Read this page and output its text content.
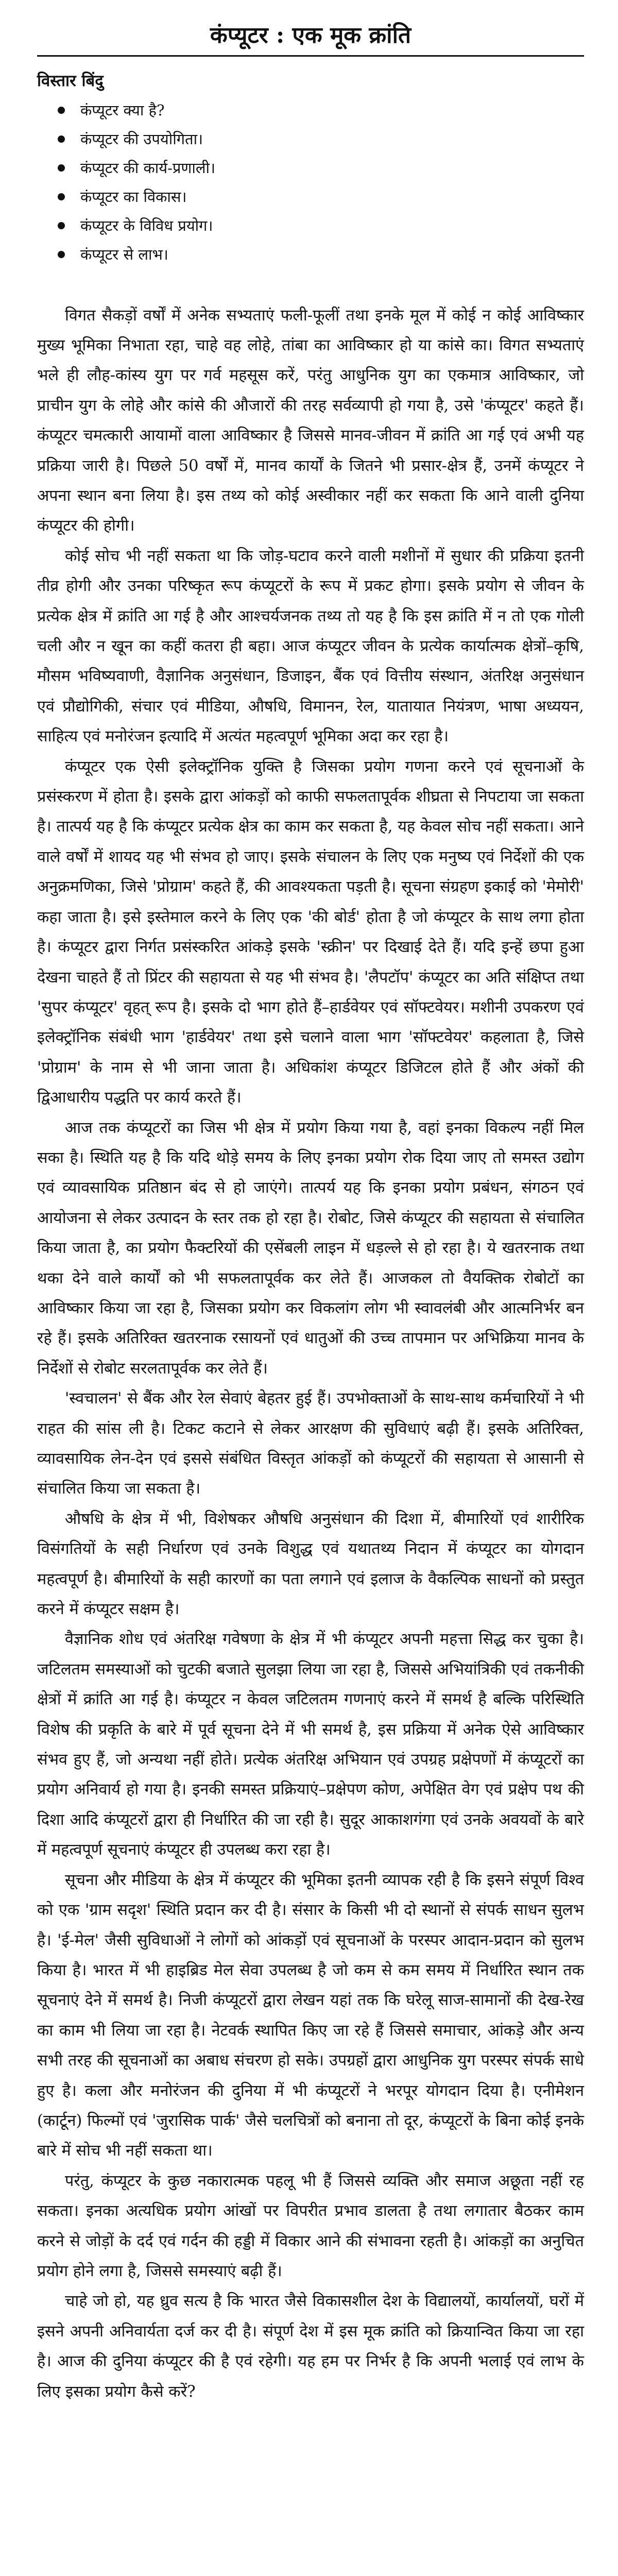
कंप्यूटर : एक मूक क्रांति
विस्तार बिंदु
कंप्यूटर क्या है?
कंप्यूटर की उपयोगिता।
कंप्यूटर की कार्य-प्रणाली।
कंप्यूटर का विकास।
कंप्यूटर के विविध प्रयोग।
कंप्यूटर से लाभ।

विगत सैकड़ों वर्षों में अनेक सभ्यताएं फली-फूलीं तथा इनके मूल में कोई न कोई आविष्कार मुख्य भूमिका निभाता रहा, चाहे वह लोहे, तांबा का आविष्कार हो या कांसे का। विगत सभ्यताएं भले ही लौह-कांस्य युग पर गर्व महसूस करें, परंतु आधुनिक युग का एकमात्र आविष्कार, जो प्राचीन युग के लोहे और कांसे की औजारों की तरह सर्वव्यापी हो गया है, उसे 'कंप्यूटर' कहते हैं। कंप्यूटर चमत्कारी आयामों वाला आविष्कार है जिससे मानव-जीवन में क्रांति आ गई एवं अभी यह प्रक्रिया जारी है। पिछले 50 वर्षों में, मानव कार्यों के जितने भी प्रसार-क्षेत्र हैं, उनमें कंप्यूटर ने अपना स्थान बना लिया है। इस तथ्य को कोई अस्वीकार नहीं कर सकता कि आने वाली दुनिया कंप्यूटर की होगी।

कोई सोच भी नहीं सकता था कि जोड़-घटाव करने वाली मशीनों में सुधार की प्रक्रिया इतनी तीव्र होगी और उनका परिष्कृत रूप कंप्यूटरों के रूप में प्रकट होगा। इसके प्रयोग से जीवन के प्रत्येक क्षेत्र में क्रांति आ गई है और आश्चर्यजनक तथ्य तो यह है कि इस क्रांति में न तो एक गोली चली और न खून का कहीं कतरा ही बहा। आज कंप्यूटर जीवन के प्रत्येक कार्यात्मक क्षेत्रों–कृषि, मौसम भविष्यवाणी, वैज्ञानिक अनुसंधान, डिजाइन, बैंक एवं वित्तीय संस्थान, अंतरिक्ष अनुसंधान एवं प्रौद्योगिकी, संचार एवं मीडिया, औषधि, विमानन, रेल, यातायात नियंत्रण, भाषा अध्ययन, साहित्य एवं मनोरंजन इत्यादि में अत्यंत महत्वपूर्ण भूमिका अदा कर रहा है।

कंप्यूटर एक ऐसी इलेक्ट्रॉनिक युक्ति है जिसका प्रयोग गणना करने एवं सूचनाओं के प्रसंस्करण में होता है। इसके द्वारा आंकड़ों को काफी सफलतापूर्वक शीघ्रता से निपटाया जा सकता है। तात्पर्य यह है कि कंप्यूटर प्रत्येक क्षेत्र का काम कर सकता है, यह केवल सोच नहीं सकता। आने वाले वर्षों में शायद यह भी संभव हो जाए। इसके संचालन के लिए एक मनुष्य एवं निर्देशों की एक अनुक्रमणिका, जिसे 'प्रोग्राम' कहते हैं, की आवश्यकता पड़ती है। सूचना संग्रहण इकाई को 'मेमोरी' कहा जाता है। इसे इस्तेमाल करने के लिए एक 'की बोर्ड' होता है जो कंप्यूटर के साथ लगा होता है। कंप्यूटर द्वारा निर्गत प्रसंस्करित आंकड़े इसके 'स्क्रीन' पर दिखाई देते हैं। यदि इन्हें छपा हुआ देखना चाहते हैं तो प्रिंटर की सहायता से यह भी संभव है। 'लैपटॉप' कंप्यूटर का अति संक्षिप्त तथा 'सुपर कंप्यूटर' वृहत्‌ रूप है। इसके दो भाग होते हैं–हार्डवेयर एवं सॉफ्टवेयर। मशीनी उपकरण एवं इलेक्ट्रॉनिक संबंधी भाग 'हार्डवेयर' तथा इसे चलाने वाला भाग 'सॉफ्टवेयर' कहलाता है, जिसे 'प्रोग्राम' के नाम से भी जाना जाता है। अधिकांश कंप्यूटर डिजिटल होते हैं और अंकों की द्विआधारीय पद्धति पर कार्य करते हैं।

आज तक कंप्यूटरों का जिस भी क्षेत्र में प्रयोग किया गया है, वहां इनका विकल्प नहीं मिल सका है। स्थिति यह है कि यदि थोड़े समय के लिए इनका प्रयोग रोक दिया जाए तो समस्त उद्योग एवं व्यावसायिक प्रतिष्ठान बंद से हो जाएंगे। तात्पर्य यह कि इनका प्रयोग प्रबंधन, संगठन एवं आयोजना से लेकर उत्पादन के स्तर तक हो रहा है। रोबोट, जिसे कंप्यूटर की सहायता से संचालित किया जाता है, का प्रयोग फैक्टरियों की एसेंबली लाइन में धड़ल्ले से हो रहा है। ये खतरनाक तथा थका देने वाले कार्यों को भी सफलतापूर्वक कर लेते हैं। आजकल तो वैयक्तिक रोबोटों का आविष्कार किया जा रहा है, जिसका प्रयोग कर विकलांग लोग भी स्वावलंबी और आत्मनिर्भर बन रहे हैं। इसके अतिरिक्त खतरनाक रसायनों एवं धातुओं की उच्च तापमान पर अभिक्रिया मानव के निर्देशों से रोबोट सरलतापूर्वक कर लेते हैं।

'स्वचालन' से बैंक और रेल सेवाएं बेहतर हुई हैं। उपभोक्ताओं के साथ-साथ कर्मचारियों ने भी राहत की सांस ली है। टिकट कटाने से लेकर आरक्षण की सुविधाएं बढ़ी हैं। इसके अतिरिक्त, व्यावसायिक लेन-देन एवं इससे संबंधित विस्तृत आंकड़ों को कंप्यूटरों की सहायता से आसानी से संचालित किया जा सकता है।

औषधि के क्षेत्र में भी, विशेषकर औषधि अनुसंधान की दिशा में, बीमारियों एवं शारीरिक विसंगतियों के सही निर्धारण एवं उनके विशुद्ध एवं यथातथ्य निदान में कंप्यूटर का योगदान महत्वपूर्ण है। बीमारियों के सही कारणों का पता लगाने एवं इलाज के वैकल्पिक साधनों को प्रस्तुत करने में कंप्यूटर सक्षम है।

वैज्ञानिक शोध एवं अंतरिक्ष गवेषणा के क्षेत्र में भी कंप्यूटर अपनी महत्ता सिद्ध कर चुका है। जटिलतम समस्याओं को चुटकी बजाते सुलझा लिया जा रहा है, जिससे अभियांत्रिकी एवं तकनीकी क्षेत्रों में क्रांति आ गई है। कंप्यूटर न केवल जटिलतम गणनाएं करने में समर्थ है बल्कि परिस्थिति विशेष की प्रकृति के बारे में पूर्व सूचना देने में भी समर्थ है, इस प्रक्रिया में अनेक ऐसे आविष्कार संभव हुए हैं, जो अन्यथा नहीं होते। प्रत्येक अंतरिक्ष अभियान एवं उपग्रह प्रक्षेपणों में कंप्यूटरों का प्रयोग अनिवार्य हो गया है। इनकी समस्त प्रक्रियाएं–प्रक्षेपण कोण, अपेक्षित वेग एवं प्रक्षेप पथ की दिशा आदि कंप्यूटरों द्वारा ही निर्धारित की जा रही है। सुदूर आकाशगंगा एवं उनके अवयवों के बारे में महत्वपूर्ण सूचनाएं कंप्यूटर ही उपलब्ध करा रहा है।

सूचना और मीडिया के क्षेत्र में कंप्यूटर की भूमिका इतनी व्यापक रही है कि इसने संपूर्ण विश्व को एक 'ग्राम सदृश' स्थिति प्रदान कर दी है। संसार के किसी भी दो स्थानों से संपर्क साधन सुलभ है। 'ई-मेल' जैसी सुविधाओं ने लोगों को आंकड़ों एवं सूचनाओं के परस्पर आदान-प्रदान को सुलभ किया है। भारत में भी हाइब्रिड मेल सेवा उपलब्ध है जो कम से कम समय में निर्धारित स्थान तक सूचनाएं देने में समर्थ है। निजी कंप्यूटरों द्वारा लेखन यहां तक कि घरेलू साज-सामानों की देख-रेख का काम भी लिया जा रहा है। नेटवर्क स्थापित किए जा रहे हैं जिससे समाचार, आंकड़े और अन्य सभी तरह की सूचनाओं का अबाध संचरण हो सके। उपग्रहों द्वारा आधुनिक युग परस्पर संपर्क साधे हुए है। कला और मनोरंजन की दुनिया में भी कंप्यूटरों ने भरपूर योगदान दिया है। एनीमेशन (कार्टून) फिल्मों एवं 'जुरासिक पार्क' जैसे चलचित्रों को बनाना तो दूर, कंप्यूटरों के बिना कोई इनके बारे में सोच भी नहीं सकता था।

परंतु, कंप्यूटर के कुछ नकारात्मक पहलू भी हैं जिससे व्यक्ति और समाज अछूता नहीं रह सकता। इनका अत्यधिक प्रयोग आंखों पर विपरीत प्रभाव डालता है तथा लगातार बैठकर काम करने से जोड़ों के दर्द एवं गर्दन की हड्डी में विकार आने की संभावना रहती है। आंकड़ों का अनुचित प्रयोग होने लगा है, जिससे समस्याएं बढ़ी हैं।

चाहे जो हो, यह ध्रुव सत्य है कि भारत जैसे विकासशील देश के विद्यालयों, कार्यालयों, घरों में इसने अपनी अनिवार्यता दर्ज कर दी है। संपूर्ण देश में इस मूक क्रांति को क्रियान्वित किया जा रहा है। आज की दुनिया कंप्यूटर की है एवं रहेगी। यह हम पर निर्भर है कि अपनी भलाई एवं लाभ के लिए इसका प्रयोग कैसे करें?
